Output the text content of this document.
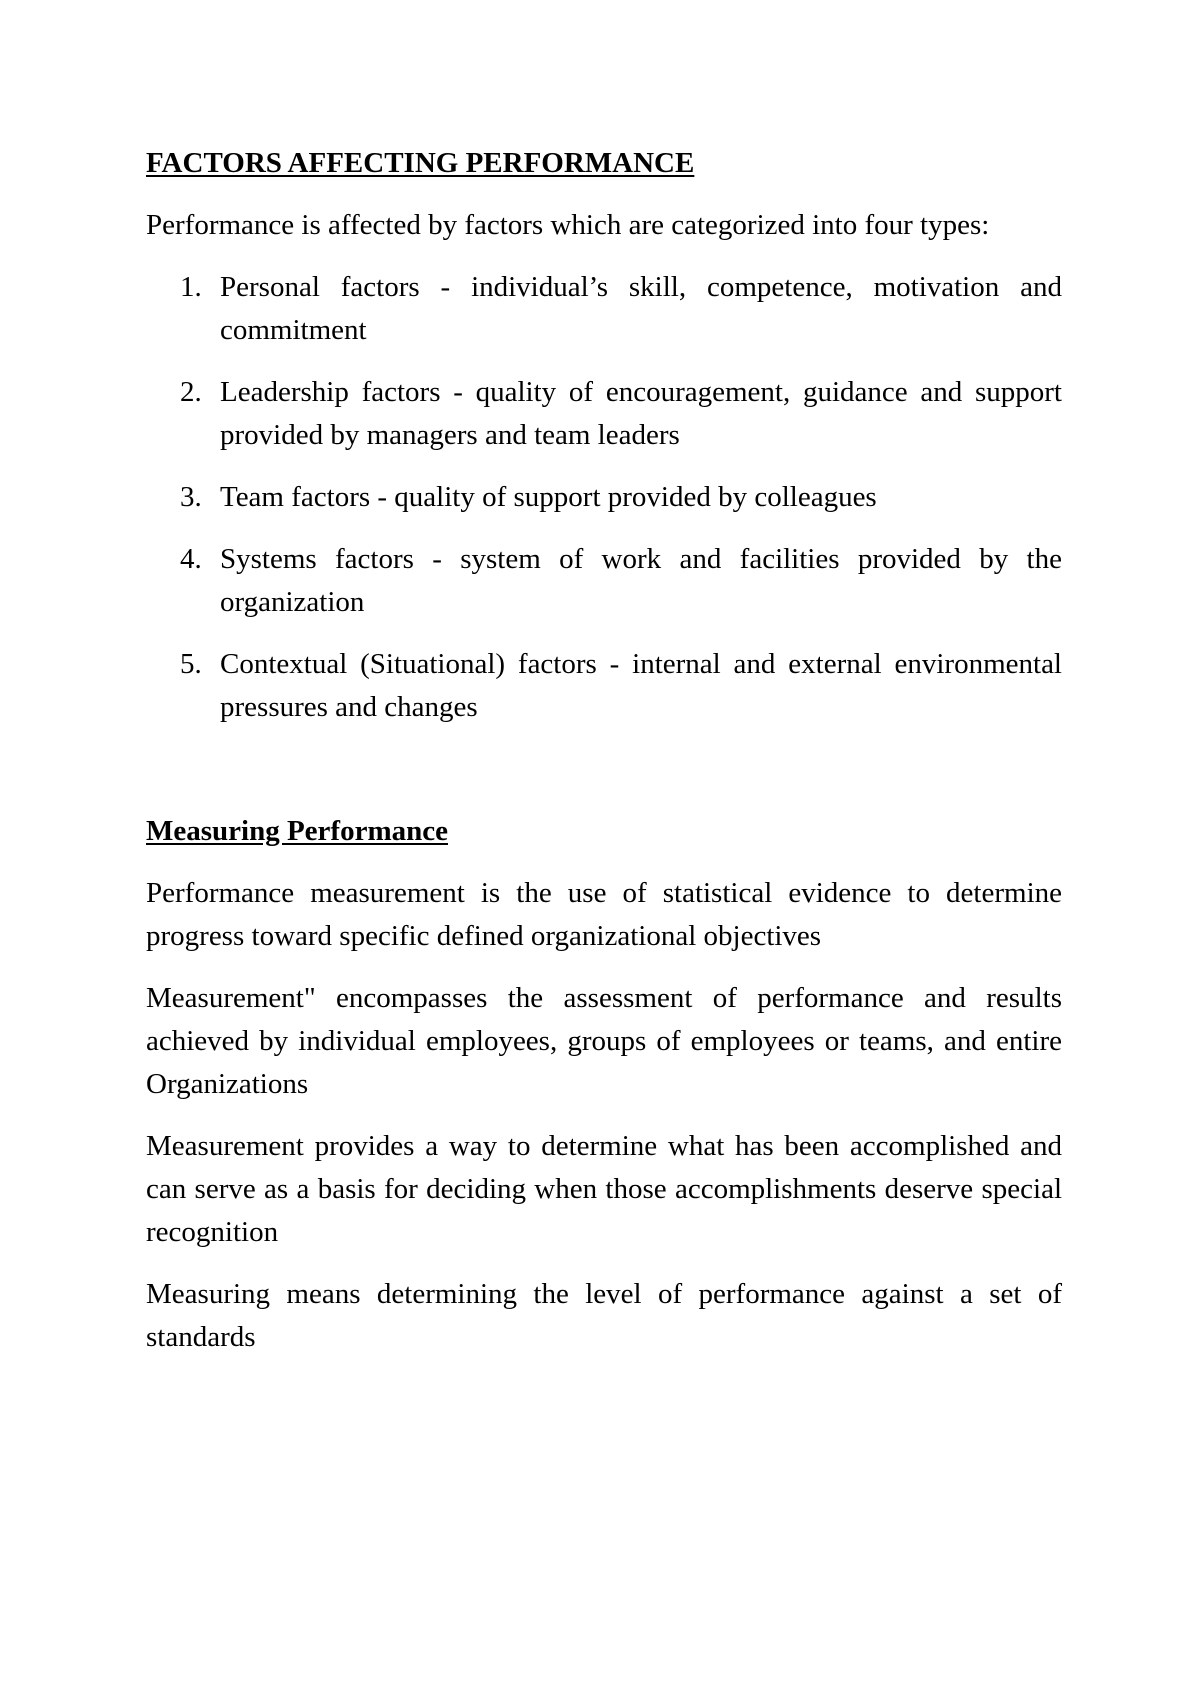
FACTORS AFFECTING PERFORMANCE

Performance is affected by factors which are categorized into four types:

1. Personal factors - individual’s skill, competence, motivation and commitment
2. Leadership factors - quality of encouragement, guidance and support provided by managers and team leaders
3. Team factors - quality of support provided by colleagues
4. Systems factors - system of work and facilities provided by the organization
5. Contextual (Situational) factors - internal and external environmental pressures and changes
Measuring Performance

Performance measurement is the use of statistical evidence to determine progress toward specific defined organizational objectives

Measurement" encompasses the assessment of performance and results achieved by individual employees, groups of employees or teams, and entire Organizations

Measurement provides a way to determine what has been accomplished and can serve as a basis for deciding when those accomplishments deserve special recognition

Measuring means determining the level of performance against a set of standards
